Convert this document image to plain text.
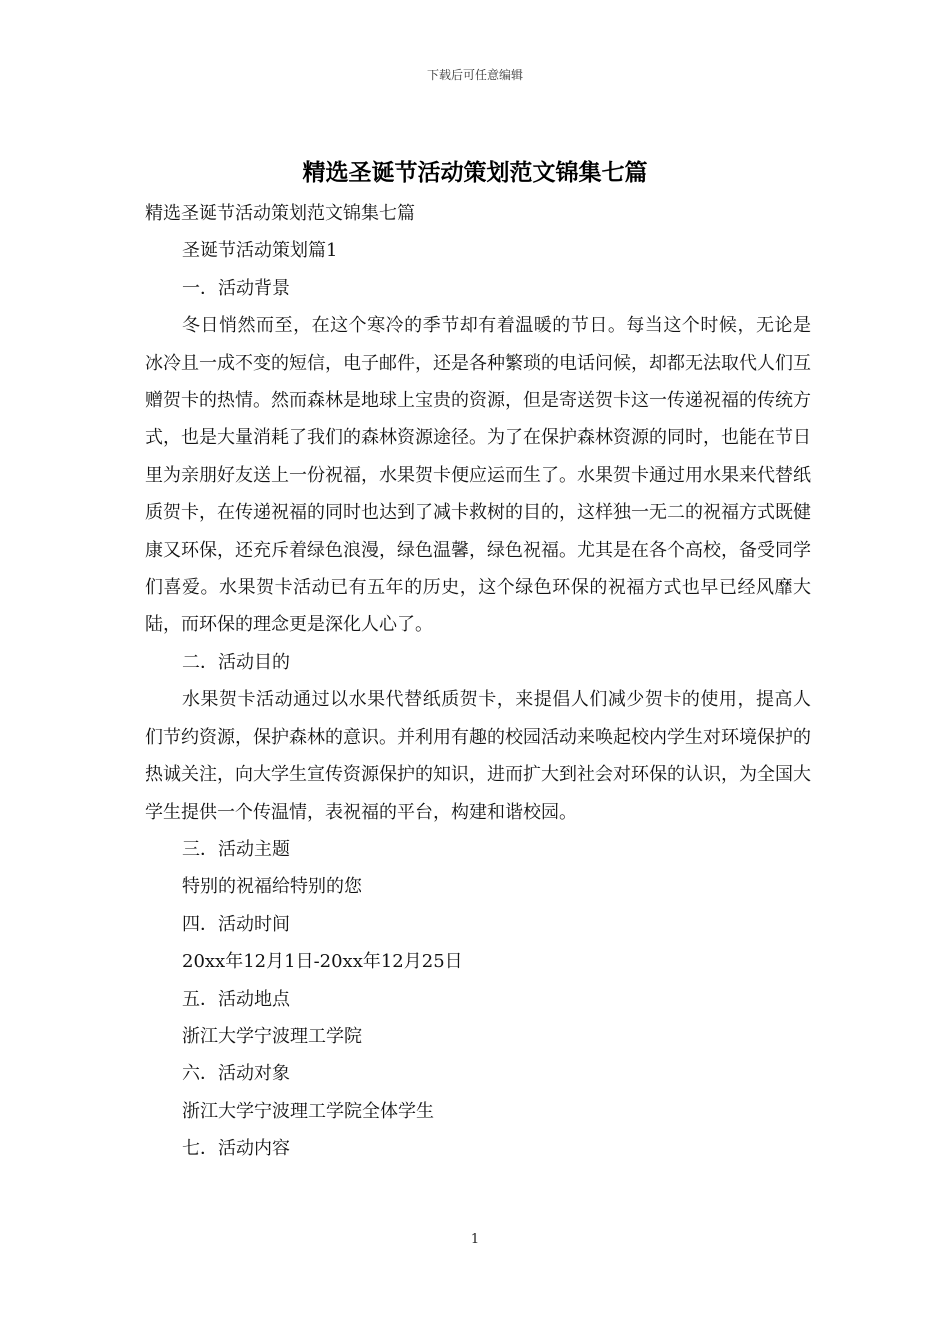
下载后可任意编辑
精选圣诞节活动策划范文锦集七篇

精选圣诞节活动策划范文锦集七篇

圣诞节活动策划篇1

一．活动背景

冬日悄然而至，在这个寒冷的季节却有着温暖的节日。每当这个时候，无论是冰冷且一成不变的短信，电子邮件，还是各种繁琐的电话问候，却都无法取代人们互赠贺卡的热情。然而森林是地球上宝贵的资源，但是寄送贺卡这一传递祝福的传统方式，也是大量消耗了我们的森林资源途径。为了在保护森林资源的同时，也能在节日里为亲朋好友送上一份祝福，水果贺卡便应运而生了。水果贺卡通过用水果来代替纸质贺卡，在传递祝福的同时也达到了减卡救树的目的，这样独一无二的祝福方式既健康又环保，还充斥着绿色浪漫，绿色温馨，绿色祝福。尤其是在各个高校，备受同学们喜爱。水果贺卡活动已有五年的历史，这个绿色环保的祝福方式也早已经风靡大陆，而环保的理念更是深化人心了。

二．活动目的

水果贺卡活动通过以水果代替纸质贺卡，来提倡人们减少贺卡的使用，提高人们节约资源，保护森林的意识。并利用有趣的校园活动来唤起校内学生对环境保护的热诚关注，向大学生宣传资源保护的知识，进而扩大到社会对环保的认识，为全国大学生提供一个传温情，表祝福的平台，构建和谐校园。

三．活动主题

特别的祝福给特别的您

四．活动时间

20xx年12月1日-20xx年12月25日

五．活动地点

浙江大学宁波理工学院

六．活动对象

浙江大学宁波理工学院全体学生

七．活动内容

1
